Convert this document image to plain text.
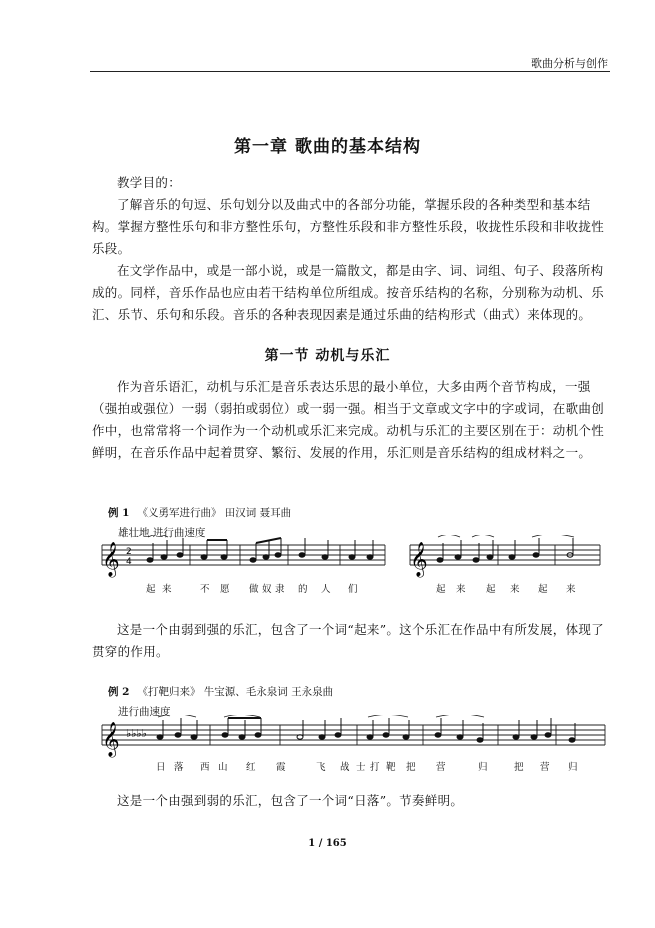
歌曲分析与创作
第一章 歌曲的基本结构

教学目的：

了解音乐的句逗、乐句划分以及曲式中的各部分功能，掌握乐段的各种类型和基本结构。掌握方整性乐句和非方整性乐句，方整性乐段和非方整性乐段，收拢性乐段和非收拢性乐段。

在文学作品中，或是一部小说，或是一篇散文，都是由字、词、词组、句子、段落所构成的。同样，音乐作品也应由若干结构单位所组成。按音乐结构的名称，分别称为动机、乐汇、乐节、乐句和乐段。音乐的各种表现因素是通过乐曲的结构形式（曲式）来体现的。

第一节 动机与乐汇

作为音乐语汇，动机与乐汇是音乐表达乐思的最小单位，大多由两个音节构成，一强（强拍或强位）一弱（弱拍或弱位）或一弱一强。相当于文章或文字中的字或词，在歌曲创作中，也常常将一个词作为一个动机或乐汇来完成。动机与乐汇的主要区别在于：动机个性鲜明，在音乐作品中起着贯穿、繁衍、发展的作用，乐汇则是音乐结构的组成材料之一。

例 1 《义勇军进行曲》 田汉词 聂耳曲
雄壮地 进行曲速度
𝄞	𝄞
2
4
起 来	不 愿 做 奴 隶 的 人 们	起 来 起 来 起 来

这是一个由弱到强的乐汇，包含了一个词“起来”。这个乐汇在作品中有所发展，体现了贯穿的作用。

例 2 《打靶归来》 牛宝源、毛永泉词 王永泉曲
进行曲速度
𝄞 ♭♭♭♭
日 落 西 山 红 霞	飞 战 士 打 靶 把 营	归	把 营 归

这是一个由强到弱的乐汇，包含了一个词“日落”。节奏鲜明。

1 / 165
